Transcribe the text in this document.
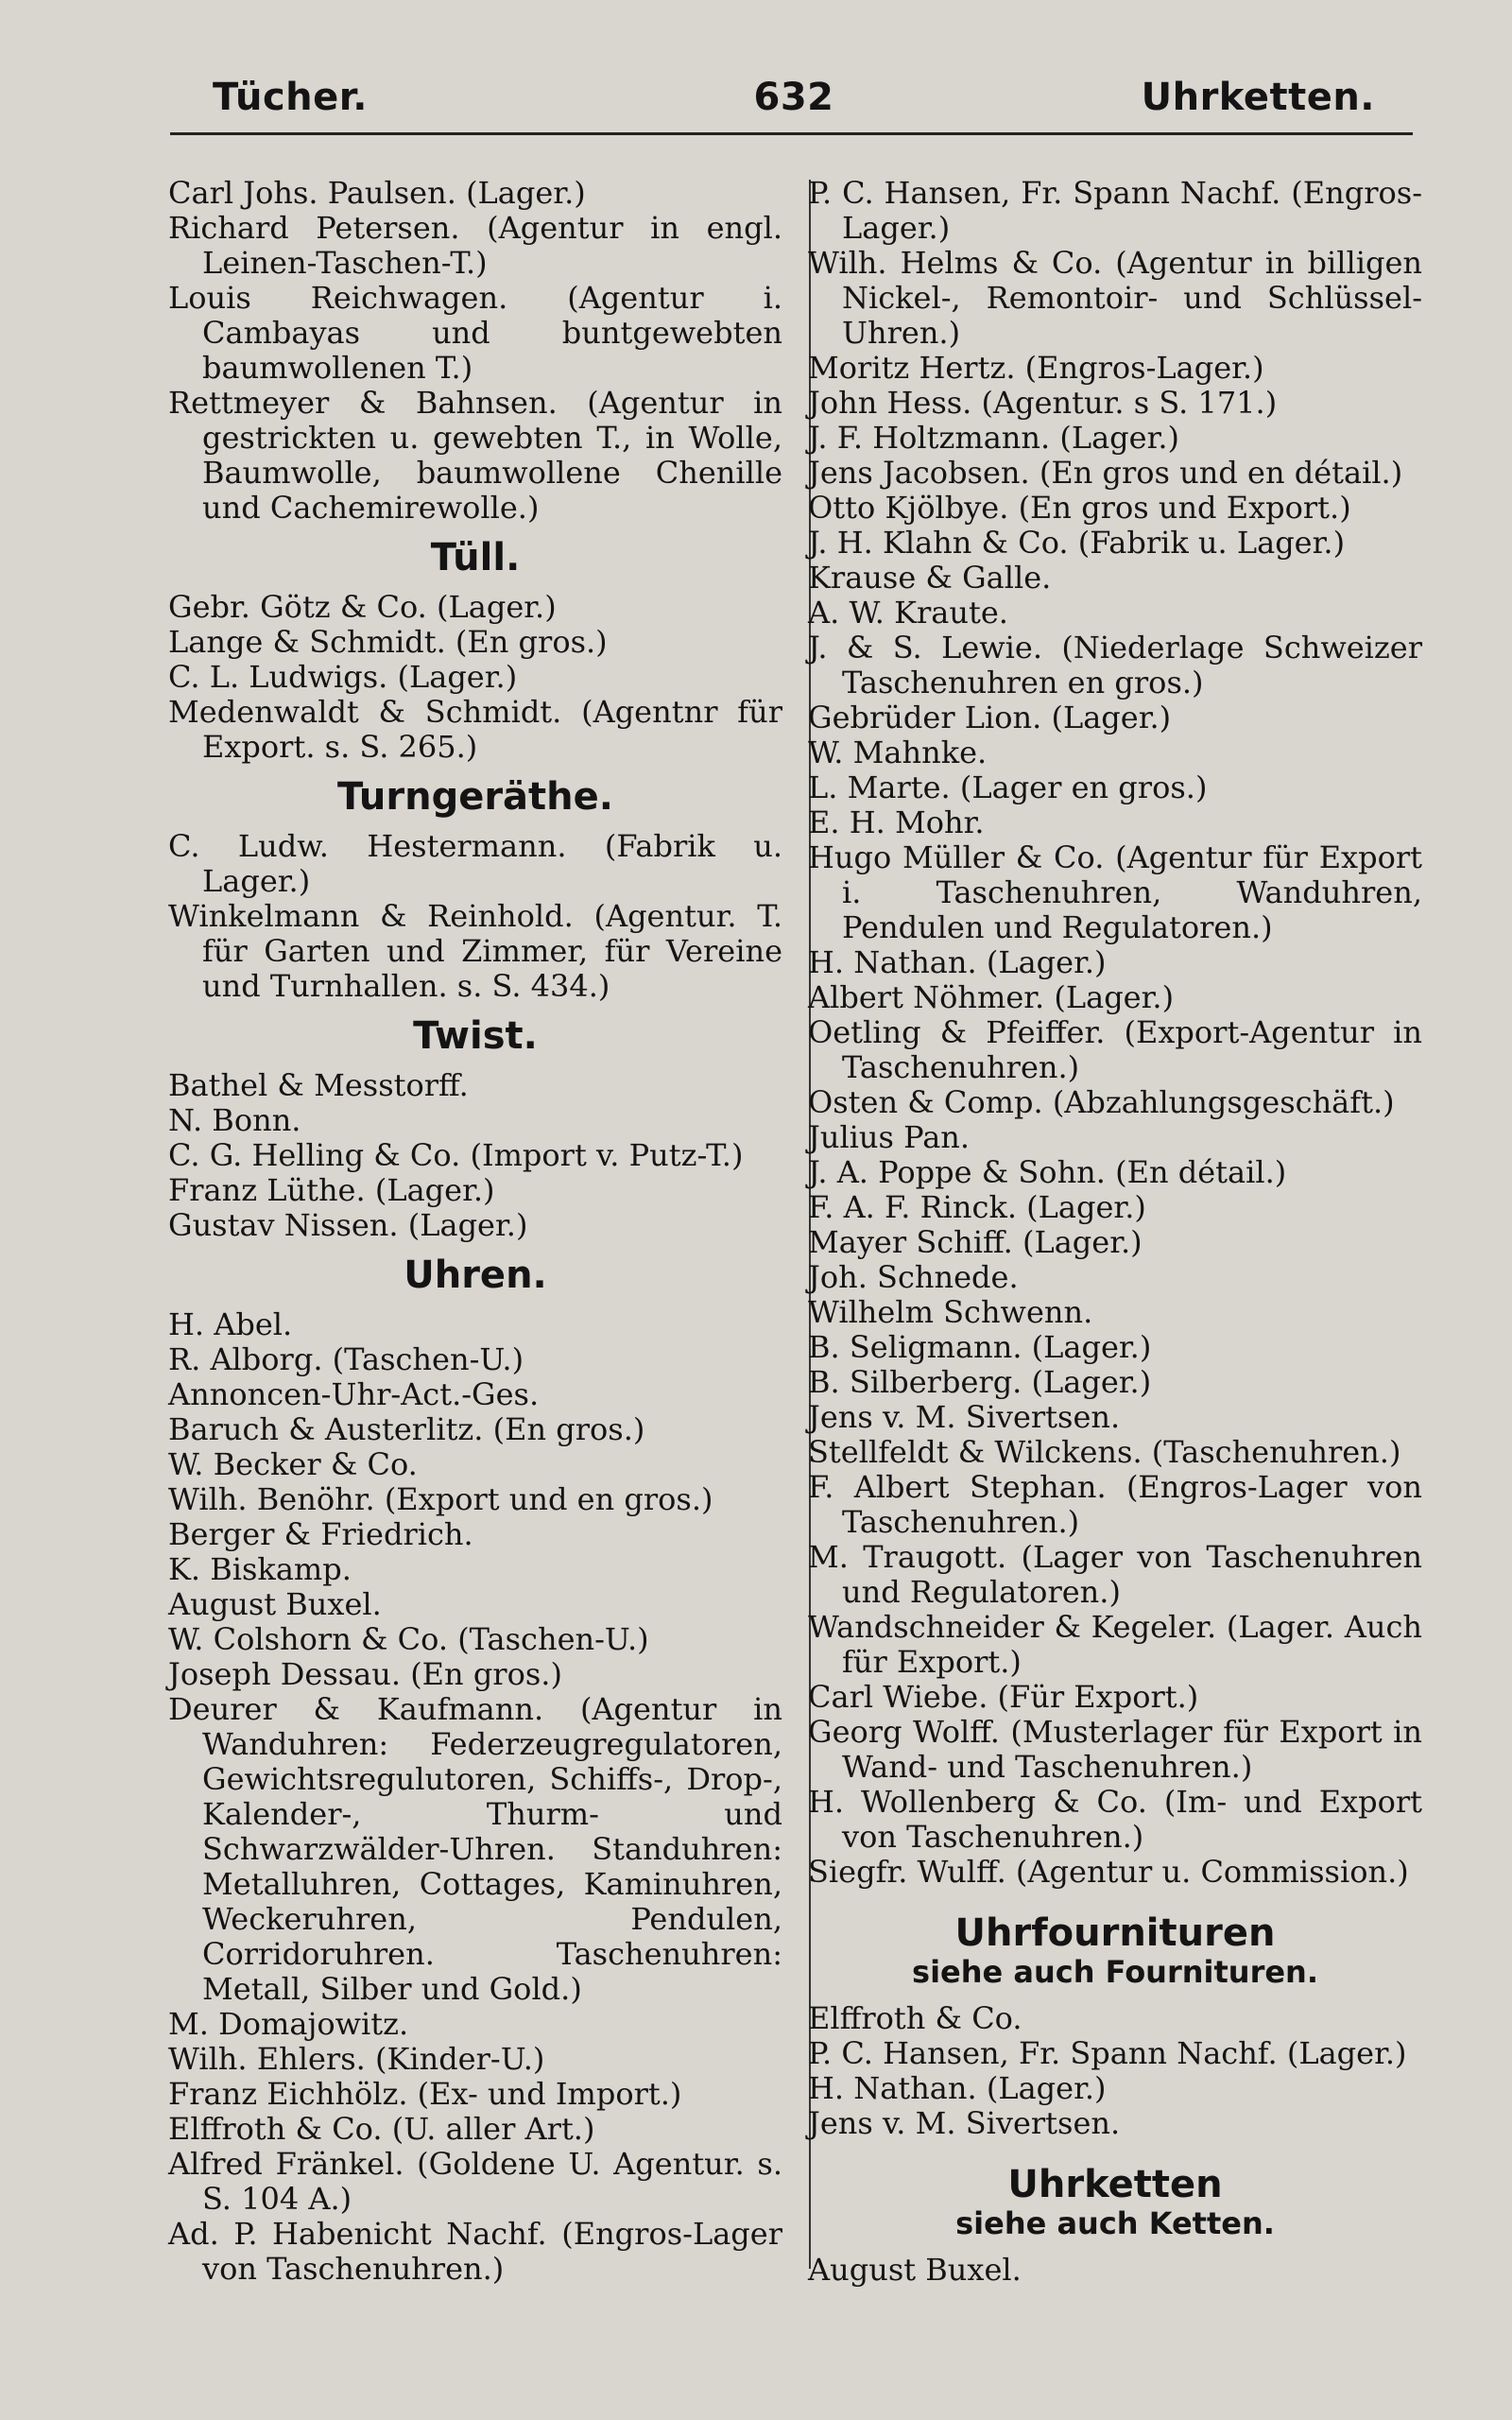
Tücher.	632	Uhrketten.
Carl Johs. Paulsen. (Lager.)
Richard Petersen. (Agentur in engl. Leinen-Taschen-T.)
Louis Reichwagen. (Agentur i. Cambayas und buntgewebten baumwollenen T.)
Rettmeyer & Bahnsen. (Agentur in gestrickten u. gewebten T., in Wolle, Baumwolle, baumwollene Chenille und Cachemirewolle.)
Tüll.
Gebr. Götz & Co. (Lager.)
Lange & Schmidt. (En gros.)
C. L. Ludwigs. (Lager.)
Medenwaldt & Schmidt. (Agentnr für Export. s. S. 265.)
Turngeräthe.
C. Ludw. Hestermann. (Fabrik u. Lager.)
Winkelmann & Reinhold. (Agentur. T. für Garten und Zimmer, für Vereine und Turnhallen. s. S. 434.)
Twist.
Bathel & Messtorff.
N. Bonn.
C. G. Helling & Co. (Import v. Putz-T.)
Franz Lüthe. (Lager.)
Gustav Nissen. (Lager.)
Uhren.
H. Abel.
R. Alborg. (Taschen-U.)
Annoncen-Uhr-Act.-Ges.
Baruch & Austerlitz. (En gros.)
W. Becker & Co.
Wilh. Benöhr. (Export und en gros.)
Berger & Friedrich.
K. Biskamp.
August Buxel.
W. Colshorn & Co. (Taschen-U.)
Joseph Dessau. (En gros.)
Deurer & Kaufmann. (Agentur in Wanduhren: Federzeugregulatoren, Gewichtsregulutoren, Schiffs-, Drop-, Kalender-, Thurm- und Schwarzwälder-Uhren. Standuhren: Metalluhren, Cottages, Kaminuhren, Weckeruhren, Pendulen, Corridoruhren. Taschenuhren: Metall, Silber und Gold.)
M. Domajowitz.
Wilh. Ehlers. (Kinder-U.)
Franz Eichhölz. (Ex- und Import.)
Elffroth & Co. (U. aller Art.)
Alfred Fränkel. (Goldene U. Agentur. s. S. 104 A.)
Ad. P. Habenicht Nachf. (Engros-Lager von Taschenuhren.)
P. C. Hansen, Fr. Spann Nachf. (Engros-Lager.)
Wilh. Helms & Co. (Agentur in billigen Nickel-, Remontoir- und Schlüssel-Uhren.)
Moritz Hertz. (Engros-Lager.)
John Hess. (Agentur. s S. 171.)
J. F. Holtzmann. (Lager.)
Jens Jacobsen. (En gros und en détail.)
Otto Kjölbye. (En gros und Export.)
J. H. Klahn & Co. (Fabrik u. Lager.)
Krause & Galle.
A. W. Kraute.
J. & S. Lewie. (Niederlage Schweizer Taschenuhren en gros.)
Gebrüder Lion. (Lager.)
W. Mahnke.
L. Marte. (Lager en gros.)
E. H. Mohr.
Hugo Müller & Co. (Agentur für Export i. Taschenuhren, Wanduhren, Pendulen und Regulatoren.)
H. Nathan. (Lager.)
Albert Nöhmer. (Lager.)
Oetling & Pfeiffer. (Export-Agentur in Taschenuhren.)
Osten & Comp. (Abzahlungsgeschäft.)
Julius Pan.
J. A. Poppe & Sohn. (En détail.)
F. A. F. Rinck. (Lager.)
Mayer Schiff. (Lager.)
Joh. Schnede.
Wilhelm Schwenn.
B. Seligmann. (Lager.)
B. Silberberg. (Lager.)
Jens v. M. Sivertsen.
Stellfeldt & Wilckens. (Taschenuhren.)
F. Albert Stephan. (Engros-Lager von Taschenuhren.)
M. Traugott. (Lager von Taschenuhren und Regulatoren.)
Wandschneider & Kegeler. (Lager. Auch für Export.)
Carl Wiebe. (Für Export.)
Georg Wolff. (Musterlager für Export in Wand- und Taschenuhren.)
H. Wollenberg & Co. (Im- und Export von Taschenuhren.)
Siegfr. Wulff. (Agentur u. Commission.)
Uhrfournituren
siehe auch Fournituren.
Elffroth & Co.
P. C. Hansen, Fr. Spann Nachf. (Lager.)
H. Nathan. (Lager.)
Jens v. M. Sivertsen.
Uhrketten
siehe auch Ketten.
August Buxel.
